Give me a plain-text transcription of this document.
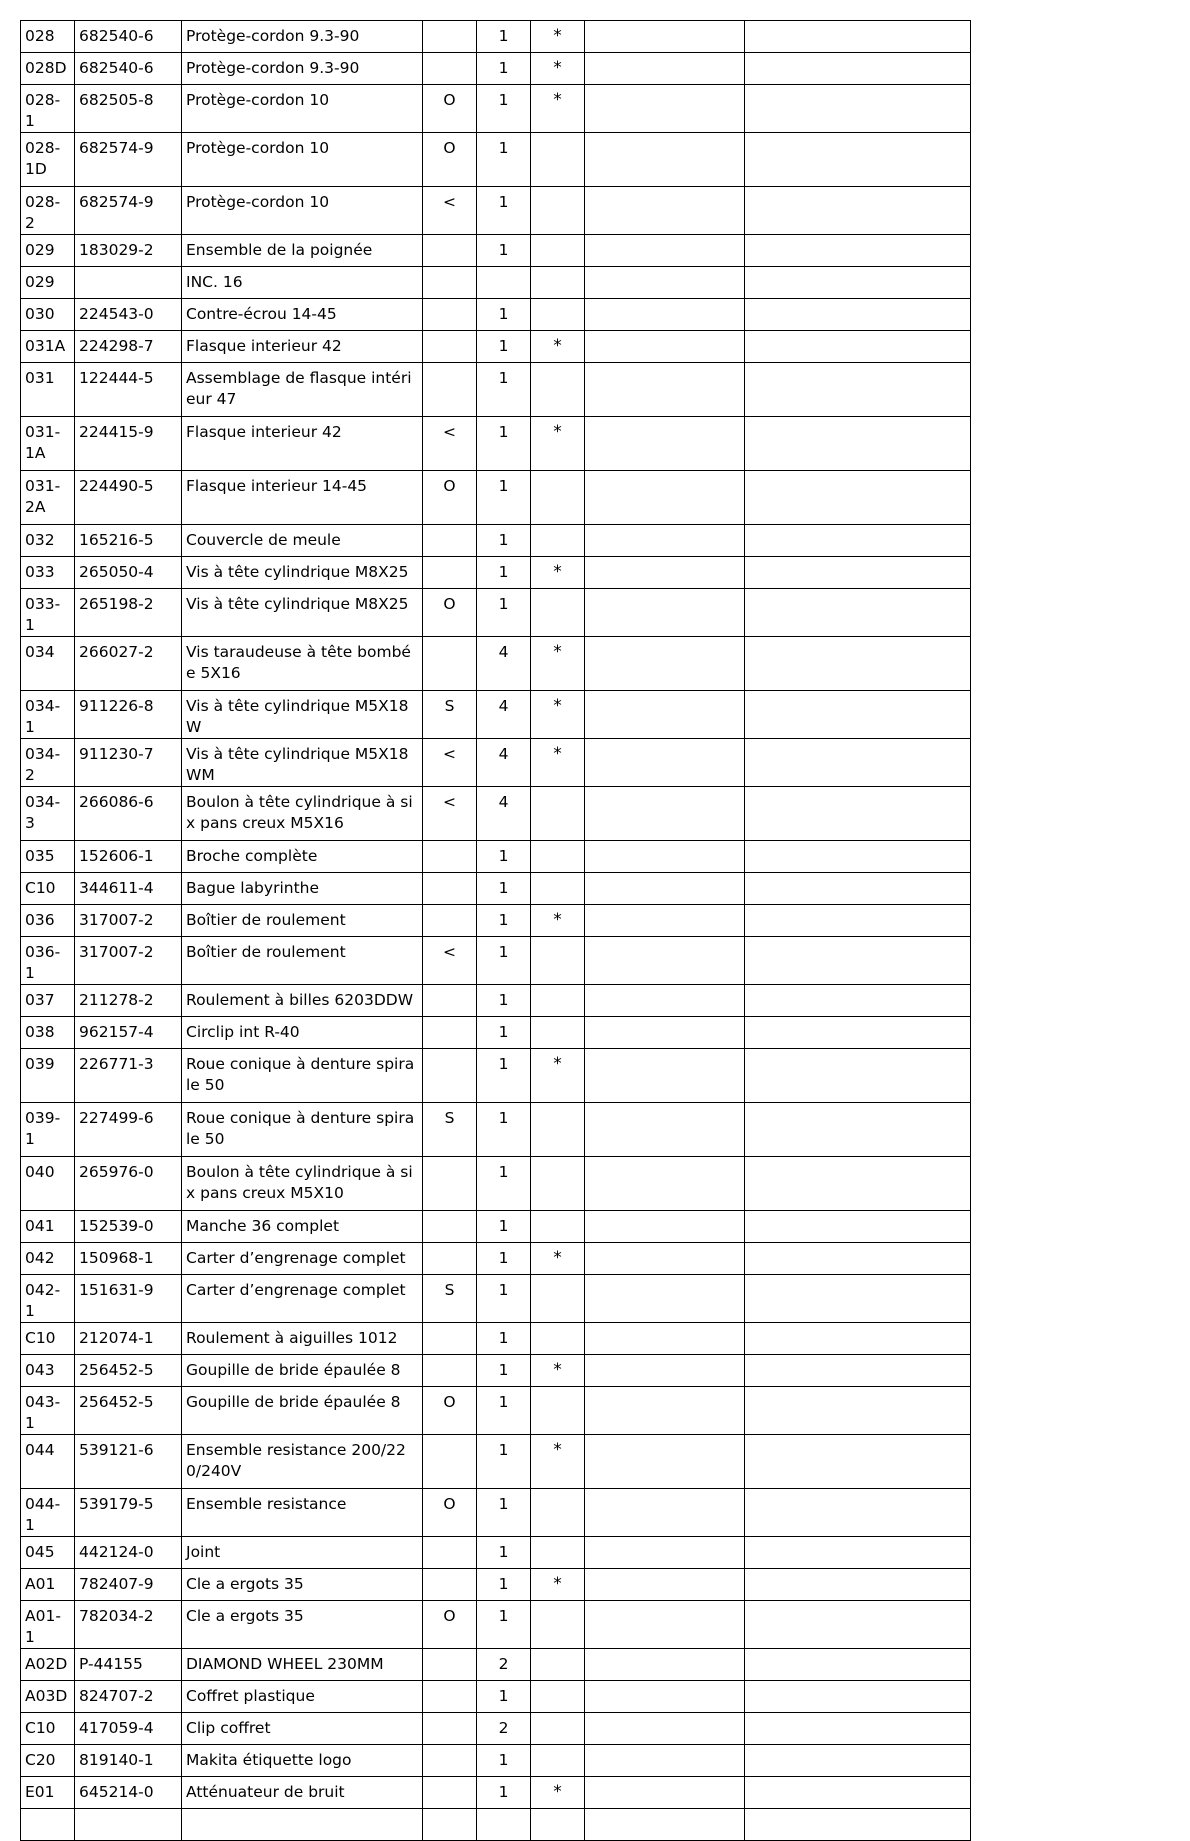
028	682540-6	Protège-cordon 9.3-90		1	*		
028D	682540-6	Protège-cordon 9.3-90		1	*		
028-1	682505-8	Protège-cordon 10	O	1	*		
028-1D	682574-9	Protège-cordon 10	O	1			
028-2	682574-9	Protège-cordon 10	<	1			
029	183029-2	Ensemble de la poignée		1			
029		INC. 16					
030	224543-0	Contre-écrou 14-45		1			
031A	224298-7	Flasque interieur 42		1	*		
031	122444-5	Assemblage de flasque intérieur 47		1			
031-1A	224415-9	Flasque interieur 42	<	1	*		
031-2A	224490-5	Flasque interieur 14-45	O	1			
032	165216-5	Couvercle de meule		1			
033	265050-4	Vis à tête cylindrique M8X25		1	*		
033-1	265198-2	Vis à tête cylindrique M8X25	O	1			
034	266027-2	Vis taraudeuse à tête bombée 5X16		4	*		
034-1	911226-8	Vis à tête cylindrique M5X18 W	S	4	*		
034-2	911230-7	Vis à tête cylindrique M5X18 WM	<	4	*		
034-3	266086-6	Boulon à tête cylindrique à six pans creux M5X16	<	4			
035	152606-1	Broche complète		1			
C10	344611-4	Bague labyrinthe		1			
036	317007-2	Boîtier de roulement		1	*		
036-1	317007-2	Boîtier de roulement	<	1			
037	211278-2	Roulement à billes 6203DDW		1			
038	962157-4	Circlip int R-40		1			
039	226771-3	Roue conique à denture spirale 50		1	*		
039-1	227499-6	Roue conique à denture spirale 50	S	1			
040	265976-0	Boulon à tête cylindrique à six pans creux M5X10		1			
041	152539-0	Manche 36 complet		1			
042	150968-1	Carter d’engrenage complet		1	*		
042-1	151631-9	Carter d’engrenage complet	S	1			
C10	212074-1	Roulement à aiguilles 1012		1			
043	256452-5	Goupille de bride épaulée 8		1	*		
043-1	256452-5	Goupille de bride épaulée 8	O	1			
044	539121-6	Ensemble resistance 200/220/240V		1	*		
044-1	539179-5	Ensemble resistance	O	1			
045	442124-0	Joint		1			
A01	782407-9	Cle a ergots 35		1	*		
A01-1	782034-2	Cle a ergots 35	O	1			
A02D	P-44155	DIAMOND WHEEL 230MM		2			
A03D	824707-2	Coffret plastique		1			
C10	417059-4	Clip coffret		2			
C20	819140-1	Makita étiquette logo		1			
E01	645214-0	Atténuateur de bruit		1	*		
